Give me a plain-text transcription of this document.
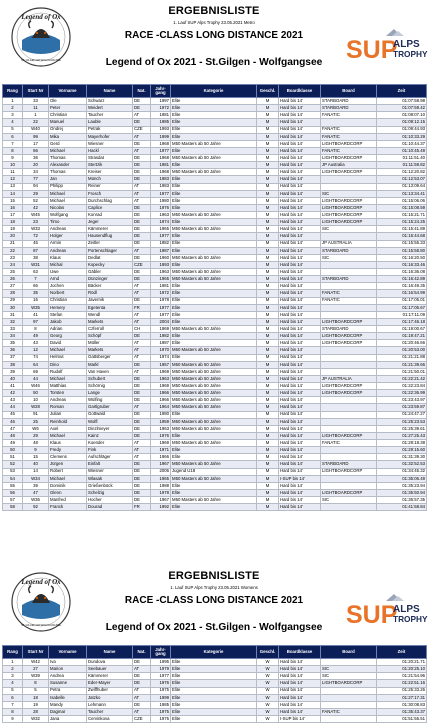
Legend of Ox
ST. GILGEN AM WOLFGANGSEE
ERGEBNISLISTE
1. Lauf SUP Alps Trophy 23.05.2021 Metro
RACE -CLASS LONG DISTANCE 2021
Legend of Ox 2021 - St.Gilgen - Wolfgangsee SUP
ALPS
TROPHY
Rang	Start Nr	Vorname	Name	Nat.	Jahr-
gang	Kategorie	Geschl.	Boardklasse	Board	Zeit
1	33	Ole	Schwarz	DE	1997	Elite	M	Hard bis 14'	STARBOARD	01:07:58.98
2	11	Peter	Weidert	DE	1972	Elite	M	Hard bis 14'	STARBOARD	01:07:59.42
3	1	Christian	Taucher	AT	1981	Elite	M	Hard bis 14'	FANATIC	01:08:07.10
4	22	Manuel	Lauble	DE	1985	Elite	M	Hard bis 14'		01:09:12.15
5	W40	Ondrej	Petrak	CZE	1993	Elite	M	Hard bis 14'	FANATIC	01:09:44.93
6	99	Mika	Mayerhofer	AT	1999	Elite	M	Hard bis 14'	FANATIC	01:10:33.29
7	17	Gerd	Wiesner	DE	1968	M50 Masters ab 50 Jahre	M	Hard bis 14'	LIGHTBOARDCORP	01:10:44.37
8	66	Michael	Hackl	AT	1977	Elite	M	Hard bis 14'	FANATIC	01:10:45.49
9	36	Thomas	Strasdat	DE	1968	M50 Masters ab 50 Jahre	M	Hard bis 14'	LIGHTBOARDCORP	01:11:51.40
10	20	Alexander	Stertzik	DE	1981	Elite	M	Hard bis 14'	JP Australia	01:11:59.82
11	34	Thomas	Kreiser	DE	1968	M50 Masters ab 50 Jahre	M	Hard bis 14'	LIGHTBOARDCORP	01:12:20.82
12	77	Jan	Münch	DE	1983	Elite	M	Hard bis 14'		01:12:53.07
13	94	Philipp	Reiner	AT	1983	Elite	M	Hard bis 14'		01:13:09.64
14	29	Michael	Frosch	AT	1977	Elite	M	Hard bis 14'	SIC	01:13:34.41
15	52	Michael	Durchschlag	AT	1980	Elite	M	Hard bis 14'	LIGHTBOARDCORP	01:15:06.06
16	42	Nicolas	Caplice	DE	1976	Elite	M	Hard bis 14'	LIGHTBOARDCORP	01:15:08.59
17	W45	Wolfgang	Konrad	DE	1963	M50 Masters ab 50 Jahre	M	Hard bis 14'	LIGHTBOARDCORP	01:15:21.71
18	23	Timo	Jeger	DE	1974	Elite	M	Hard bis 14'	LIGHTBOARDCORP	01:15:24.25
19	W33	Andreas	Kämmerer	DE	1965	M50 Masters ab 50 Jahre	M	Hard bis 14'	SIC	01:15:41.89
20	72	Holger	Hausendflug	DE	1977	Elite	M	Hard bis 14'		01:15:44.68
21	45	Armin	Zeitler	DE	1982	Elite	M	Hard bis 14'	JP AUSTRALIA	01:15:55.33
22	87	Andreas	Portenschlager	AT	1987	Elite	M	Hard bis 14'	STARBOARD	01:15:58.80
23	38	Klaus	Dedlat	DE	1960	M50 Masters ab 50 Jahre	M	Hard bis 14'	SIC	01:16:20.50
24	W31	Michal	Kopecky	CZE	1993	Elite	M	Hard bis 14'		01:16:33.46
25	63	Uwe	Gäbler	DE	1963	M50 Masters ab 50 Jahre	M	Hard bis 14'		01:16:36.08
26	7	Arnd	Dünzinger	DE	1965	M50 Masters ab 50 Jahre	M	Hard bis 14'	STARBOARD	01:16:42.89
27	66	Jochen	Bäcker	AT	1981	Elite	M	Hard bis 14'		01:16:49.35
28	35	Norbert	Rödl	AT	1972	Elite	M	Hard bis 14'	FANATIC	01:16:54.99
29	16	Christian	Javernik	DE	1978	Elite	M	Hard bis 14'	FANATIC	01:17:05.01
30	W35	Hemery	Egetenta	FR	1977	Elite	M	Hard bis 14'		01:17:05.67
31	41	Stefan	Wendl	AT	1977	Elite	M	Hard bis 14'		01:17:11.09
32	97	Jakob	Markets	AT	2004	Elite	M	Hard bis 14'	LIGHTBOARDCORP	01:17:46.18
33	8	Adrian	Czferroll	CH	1969	M50 Masters ab 50 Jahre	M	Hard bis 14'	STARBOARD	01:19:00.67
34	49	Georg	Schöpf	DE	1982	Elite	M	Hard bis 14'	LIGHTBOARDCORP	01:19:47.21
35	43	David	Müller	AT	1987	Elite	M	Hard bis 14'	LIGHTBOARDCORP	01:20:46.66
36	12	Michael	Markets	AT	1970	M50 Masters ab 50 Jahre	M	Hard bis 14'		01:20:53.00
37	74	Helmut	Gattsberger	AT	1974	Elite	M	Hard bis 14'		01:21:21.88
38	64	Dino	Markl	DE	1957	M50 Masters ab 50 Jahre	M	Hard bis 14'		01:21:39.66
39	69	Rudolf	Van Haven	AT	1969	M50 Masters ab 50 Jahre	M	Hard bis 14'		01:21:50.01
40	44	Michael	Schubert	DE	1963	M50 Masters ab 50 Jahre	M	Hard bis 14'	JP AUSTRALIA	01:22:21.42
41	W46	Matthias	Schörnig	DE	1969	M50 Masters ab 50 Jahre	M	Hard bis 14'	LIGHTBOARDCORP	01:22:23.84
42	50	Torsten	Lange	DE	1966	M50 Masters ab 50 Jahre	M	Hard bis 14'	LIGHTBOARDCORP	01:22:36.99
43	10	Andreas	Wülfing	DE	1966	M50 Masters ab 50 Jahre	M	Hard bis 14'		01:23:43.97
44	W28	Roman	Gartlgruber	AT	1964	M50 Masters ab 50 Jahre	M	Hard bis 14'		01:23:59.87
45	91	Julian	Gottwald	DE	1980	Elite	M	Hard bis 14'		01:24:47.27
46	25	Reinhold	Wolfl	DE	1959	M50 Masters ab 50 Jahre	M	Hard bis 14'		01:25:23.53
47	W6	Axel	Dinzlmeyer	DE	1963	M50 Masters ab 50 Jahre	M	Hard bis 14'		01:25:39.61
48	29	Michael	Kainz	DE	1976	Elite	M	Hard bis 14'	LIGHTBOARDCORP	01:27:25.43
49	48	Klaus	Koender	AT	1969	M50 Masters ab 50 Jahre	M	Hard bis 14'	FANATIC	01:28:18.38
50	9	Fredy	Fink	AT	1971	Elite	M	Hard bis 14'		01:29:15.60
51	15	Clemens	Aufschläger	AT	1966	Elite	M	Hard bis 14'		01:31:39.30
52	40	Jürgen	Einfalt	DE	1967	M50 Masters ab 50 Jahre	M	Hard bis 14'	STARBOARD	01:32:52.53
53	14	Robert	Wiesner	DE	2006	Jugend U18	M	Hard bis 14'	LIGHTBOARDCORP	01:34:45.32
54	W34	Michael	Wlasak	DE	1965	M50 Masters ab 50 Jahre	M	I-SUP bis 14'		01:35:06.49
55	39	Dominik	Grießenböck	DE	1988	Elite	M	Hard bis 14'		01:35:23.94
56	47	Glenn	Schelzig	DE	1978	Elite	M	Hard bis 14'	LIGHTBOARDCORP	01:35:50.94
57	W36	Manfred	Hocher	DE	1967	M50 Masters ab 50 Jahre	M	Hard bis 14'	SIC	01:35:57.35
58	92	Franck	Dourad	FR	1992	Elite	M	Hard bis 14'		01:41:58.84
Legend of Ox
ST. GILGEN AM WOLFGANGSEE
ERGEBNISLISTE
1. Lauf SUP Alps Trophy 23.05.2021 Womens
RACE -CLASS LONG DISTANCE 2021
Legend of Ox 2021 - St.Gilgen - Wolfgangsee SUP
ALPS
TROPHY
Rang	Start Nr	Vorname	Name	Nat.	Jahr-
gang	Kategorie	Geschl.	Boardklasse	Board	Zeit
1	W42	Iva	Dundova	DE	1995	Elite	W	Hard bis 14'		01:20:21.71
2	27	Marion	Seebauer	AT	1979	Elite	W	Hard bis 14'	SIC	01:20:25.10
3	W39	Andrea	Kämmerer	DE	1977	Elite	W	Hard bis 14'	SIC	01:21:54.96
4	8	Susanne	Eder-Mayer	DE	1976	Elite	W	Hard bis 14'	LIGHTBOARDCORP	01:22:51.16
5	5	Petra	Zwiffhuber	AT	1975	Elite	W	Hard bis 14'		01:25:33.26
6	18	Isabelle	Jatzko	AT	1999	Elite	W	Hard bis 14'		01:27:17.31
7	19	Mandy	Lehmann	DE	1985	Elite	W	Hard bis 14'		01:30:08.83
8	28	Dagmar	Taucher	AT	1975	Elite	W	Hard bis 14'	FANATIC	01:35:43.37
9	W32	Jana	Cervinkova	CZE	1975	Elite	W	I-SUP bis 14'		01:51:55.51
